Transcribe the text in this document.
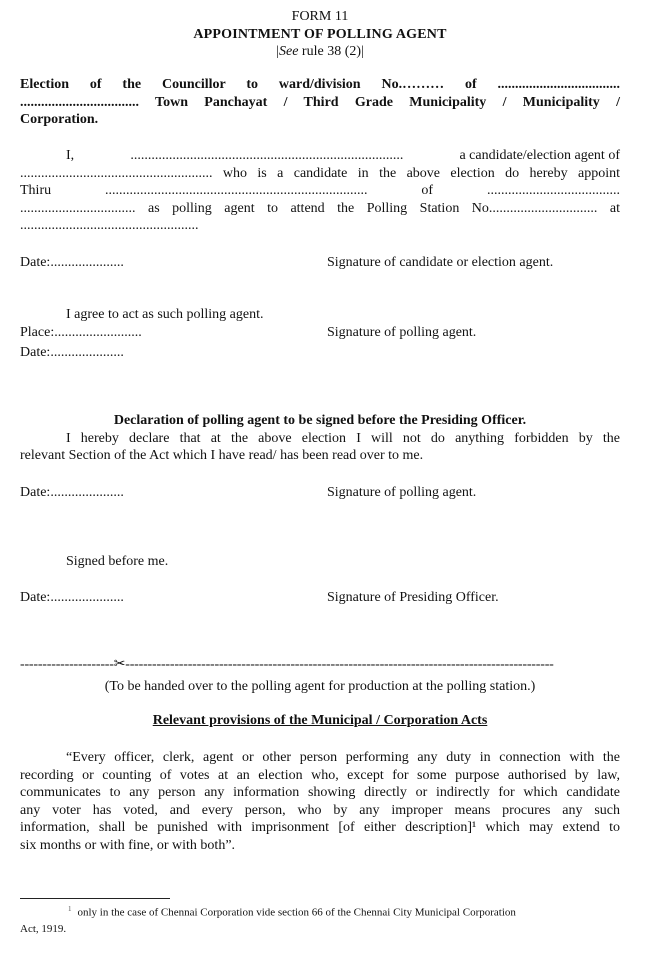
FORM 11
APPOINTMENT OF POLLING AGENT
|See rule 38 (2)|
Election of the Councillor to ward/division No.……… of ...................................
.................................. Town Panchayat / Third Grade Municipality / Municipality /
Corporation.
I,	..............................................................................	a candidate/election agent of
....................................................... who is a candidate in the above election do hereby appoint
Thiru	...........................................................................	of	......................................
................................. as polling agent to attend the Polling Station No............................... at
...................................................
Date:.....................	Signature of candidate or election agent.
I agree to act as such polling agent.
Place:.........................	Signature of polling agent.
Date:.....................
Declaration of polling agent to be signed before the Presiding Officer.
I hereby declare that at the above election I will not do anything forbidden by the
relevant Section of the Act which I have read/ has been read over to me.
Date:.....................	Signature of polling agent.
Signed before me.
Date:.....................	Signature of Presiding Officer.
---------------------✂------------------------------------------------------------------------------------------------
(To be handed over to the polling agent for production at the polling station.)
Relevant provisions of the Municipal / Corporation Acts
“Every officer, clerk, agent or other person performing any duty in connection with the
recording or counting of votes at an election who, except for some purpose authorised by law,
communicates to any person any information showing directly or indirectly for which candidate
any voter has voted, and every person, who by any improper means procures any such
information, shall be punished with imprisonment [of either description]¹ which may extend to
six months or with fine, or with both”.
$^1$ only in the case of Chennai Corporation vide section 66 of the Chennai City Municipal Corporation
Act, 1919.
